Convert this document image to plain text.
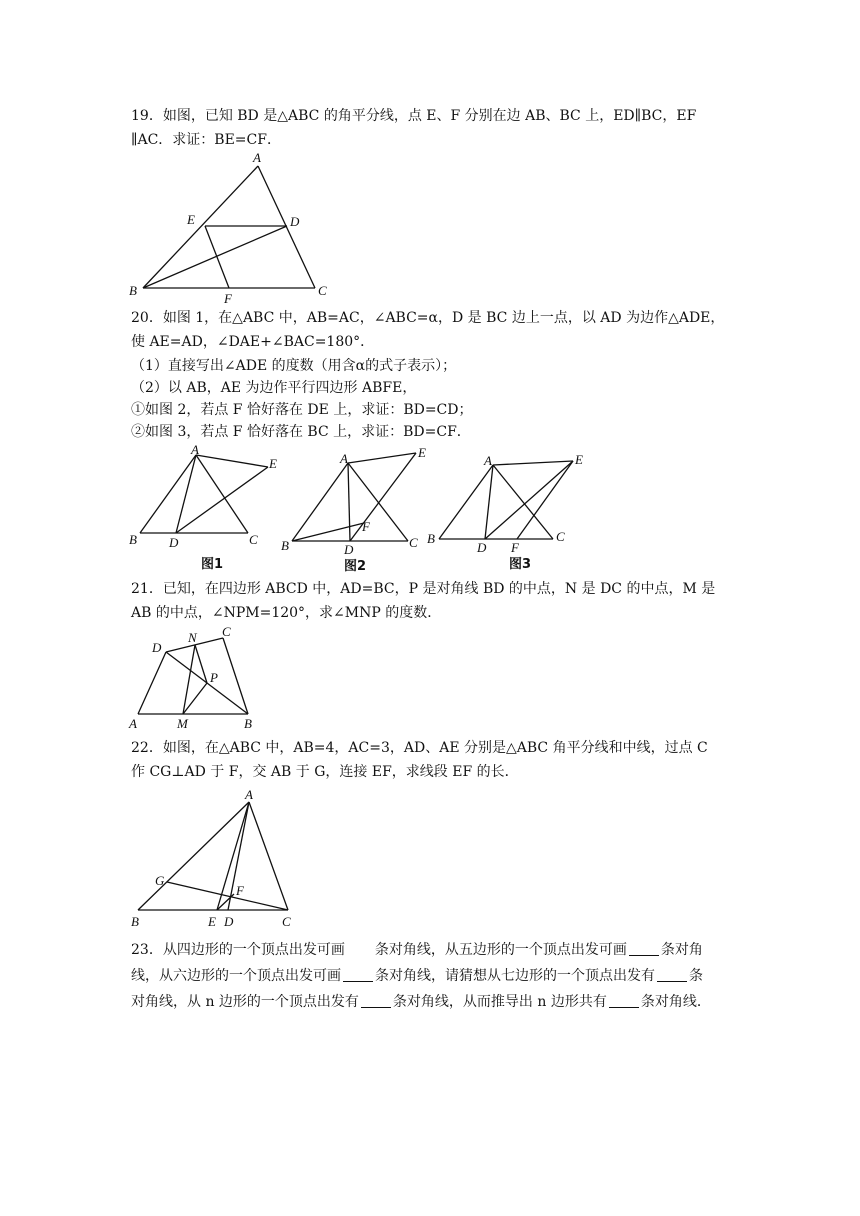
19．如图，已知 BD 是△ABC 的角平分线，点 E、F 分别在边 AB、BC 上，ED∥BC，EF
∥AC．求证：BE=CF．
A
B	C
D
E
F
20．如图 1，在△ABC 中，AB=AC，∠ABC=α，D 是 BC 边上一点，以 AD 为边作△ADE，
使 AE=AD，∠DAE+∠BAC=180°．
（1）直接写出∠ADE 的度数（用含α的式子表示）；
（2）以 AB，AE 为边作平行四边形 ABFE，
①如图 2，若点 F 恰好落在 DE 上，求证：BD=CD；
②如图 3，若点 F 恰好落在 BC 上，求证：BD=CF．
A
B	C
D
E
图1
A
B	C
D
E
F
图2
A
B	C
D
E
F
图3
21．已知，在四边形 ABCD 中，AD=BC，P 是对角线 BD 的中点，N 是 DC 的中点，M 是
AB 的中点，∠NPM=120°，求∠MNP 的度数．
A	B
C
D
M
N
P
22．如图，在△ABC 中，AB=4，AC=3，AD、AE 分别是△ABC 角平分线和中线，过点 C
作 CG⊥AD 于 F，交 AB 于 G，连接 EF，求线段 EF 的长．
A
B	C
D
E
F
G
23．从四边形的一个顶点出发可画 条对角线，从五边形的一个顶点出发可画 条对角
线，从六边形的一个顶点出发可画 条对角线，请猜想从七边形的一个顶点出发有 条
对角线，从 n 边形的一个顶点出发有 条对角线，从而推导出 n 边形共有 条对角线．
